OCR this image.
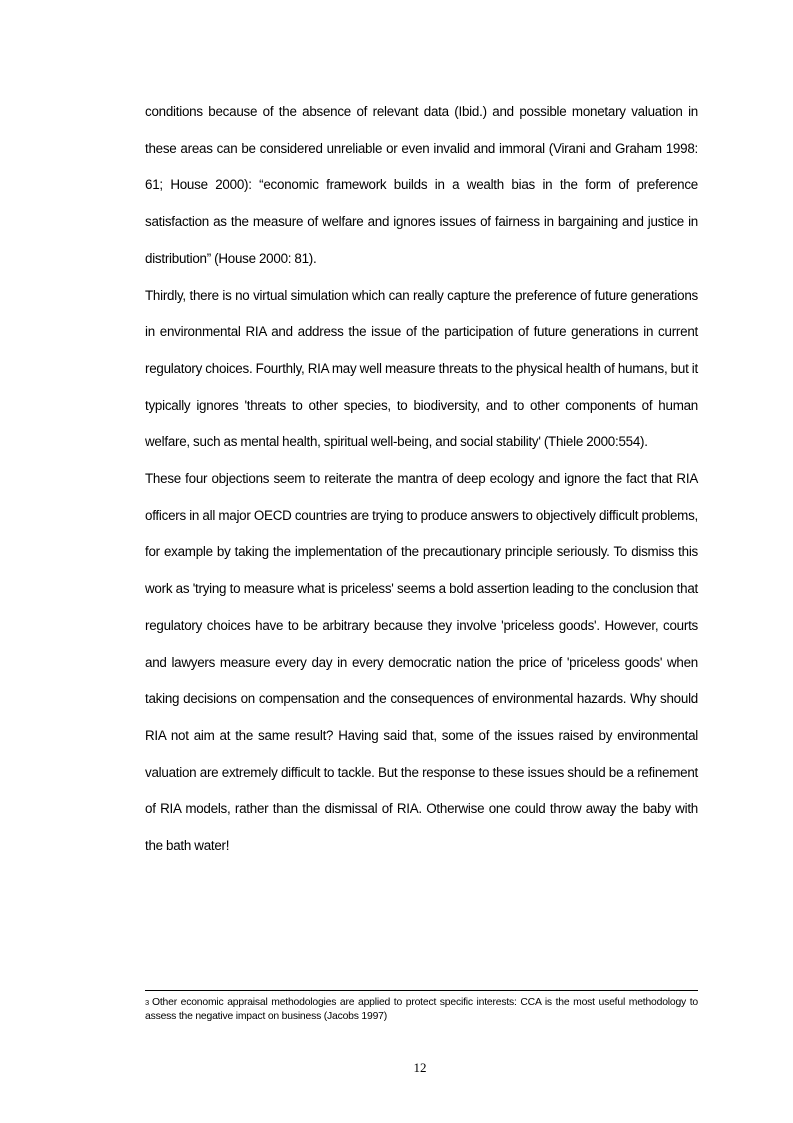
conditions because of the absence of relevant data (Ibid.) and possible monetary valuation in these areas can be considered unreliable or even invalid and immoral (Virani and Graham 1998: 61; House 2000): “economic framework builds in a wealth bias in the form of preference satisfaction as the measure of welfare and ignores issues of fairness in bargaining and justice in distribution” (House 2000: 81).

Thirdly, there is no virtual simulation which can really capture the preference of future generations in environmental RIA and address the issue of the participation of future generations in current regulatory choices. Fourthly, RIA may well measure threats to the physical health of humans, but it typically ignores 'threats to other species, to biodiversity, and to other components of human welfare, such as mental health, spiritual well-being, and social stability' (Thiele 2000:554).

These four objections seem to reiterate the mantra of deep ecology and ignore the fact that RIA officers in all major OECD countries are trying to produce answers to objectively difficult problems, for example by taking the implementation of the precautionary principle seriously. To dismiss this work as 'trying to measure what is priceless' seems a bold assertion leading to the conclusion that regulatory choices have to be arbitrary because they involve 'priceless goods'. However, courts and lawyers measure every day in every democratic nation the price of 'priceless goods' when taking decisions on compensation and the consequences of environmental hazards. Why should RIA not aim at the same result? Having said that, some of the issues raised by environmental valuation are extremely difficult to tackle. But the response to these issues should be a refinement of RIA models, rather than the dismissal of RIA. Otherwise one could throw away the baby with the bath water!

$^3$ Other economic appraisal methodologies are applied to protect specific interests: CCA is the most useful methodology to assess the negative impact on business (Jacobs 1997)
12
